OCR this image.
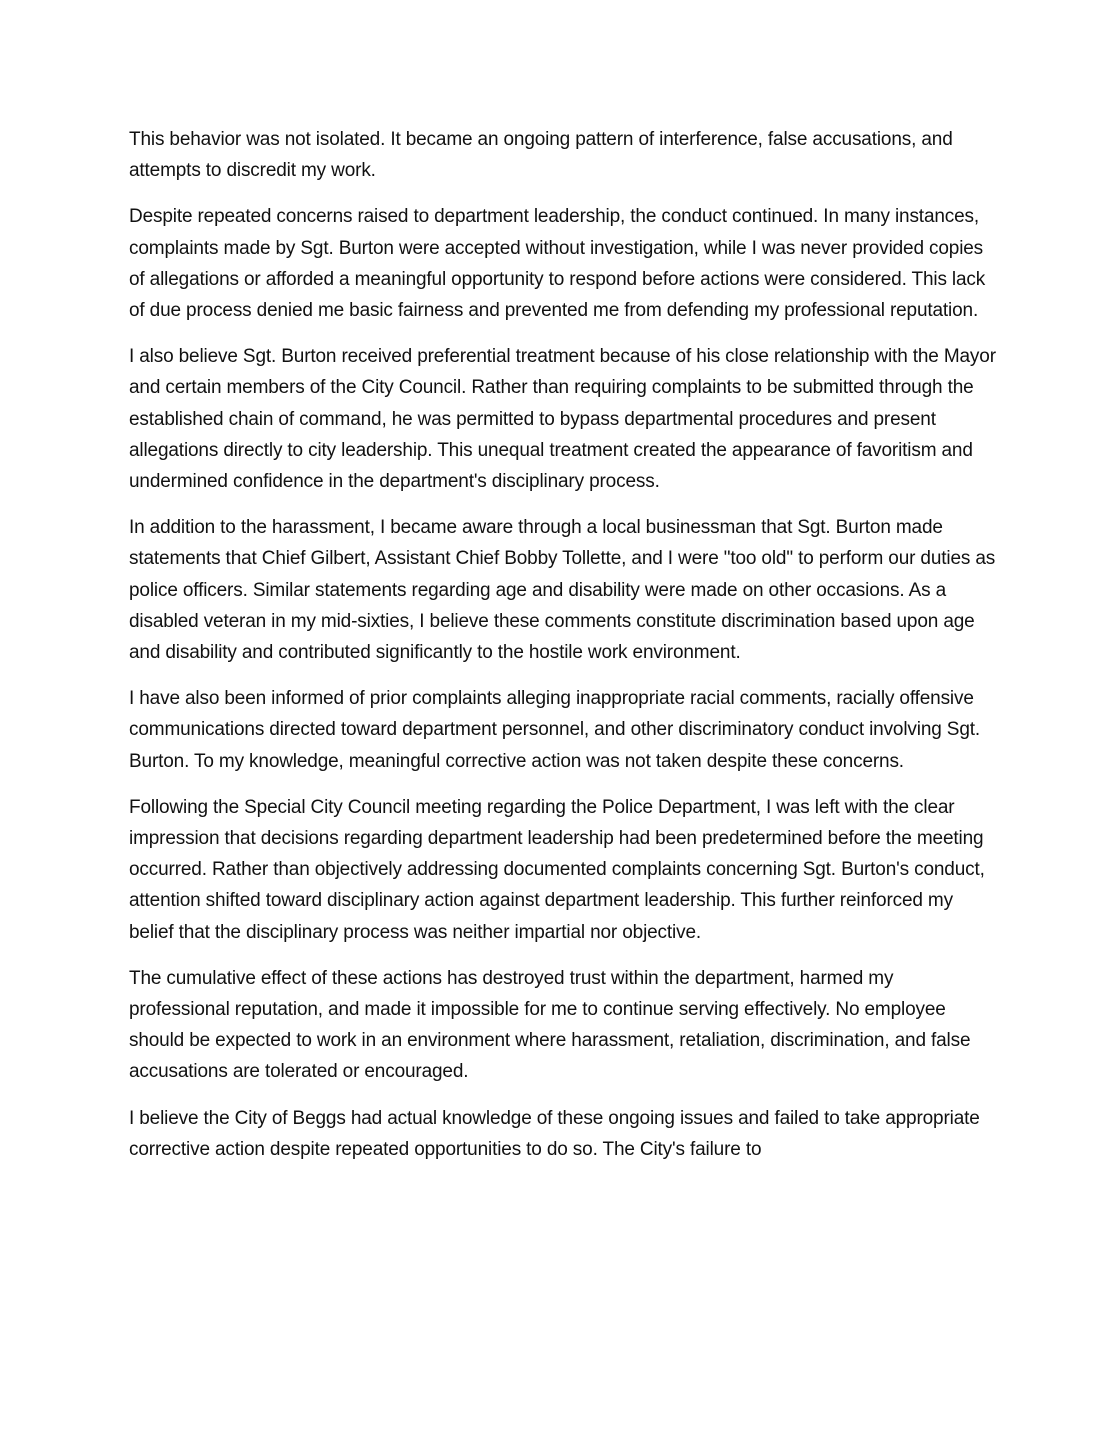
This behavior was not isolated. It became an ongoing pattern of interference, false accusations, and attempts to discredit my work.

Despite repeated concerns raised to department leadership, the conduct continued. In many instances, complaints made by Sgt. Burton were accepted without investigation, while I was never provided copies of allegations or afforded a meaningful opportunity to respond before actions were considered. This lack of due process denied me basic fairness and prevented me from defending my professional reputation.

I also believe Sgt. Burton received preferential treatment because of his close relationship with the Mayor and certain members of the City Council. Rather than requiring complaints to be submitted through the established chain of command, he was permitted to bypass departmental procedures and present allegations directly to city leadership. This unequal treatment created the appearance of favoritism and undermined confidence in the department's disciplinary process.

In addition to the harassment, I became aware through a local businessman that Sgt. Burton made statements that Chief Gilbert, Assistant Chief Bobby Tollette, and I were "too old" to perform our duties as police officers. Similar statements regarding age and disability were made on other occasions. As a disabled veteran in my mid-sixties, I believe these comments constitute discrimination based upon age and disability and contributed significantly to the hostile work environment.

I have also been informed of prior complaints alleging inappropriate racial comments, racially offensive communications directed toward department personnel, and other discriminatory conduct involving Sgt. Burton. To my knowledge, meaningful corrective action was not taken despite these concerns.

Following the Special City Council meeting regarding the Police Department, I was left with the clear impression that decisions regarding department leadership had been predetermined before the meeting occurred. Rather than objectively addressing documented complaints concerning Sgt. Burton's conduct, attention shifted toward disciplinary action against department leadership. This further reinforced my belief that the disciplinary process was neither impartial nor objective.

The cumulative effect of these actions has destroyed trust within the department, harmed my professional reputation, and made it impossible for me to continue serving effectively. No employee should be expected to work in an environment where harassment, retaliation, discrimination, and false accusations are tolerated or encouraged.

I believe the City of Beggs had actual knowledge of these ongoing issues and failed to take appropriate corrective action despite repeated opportunities to do so. The City's failure to
